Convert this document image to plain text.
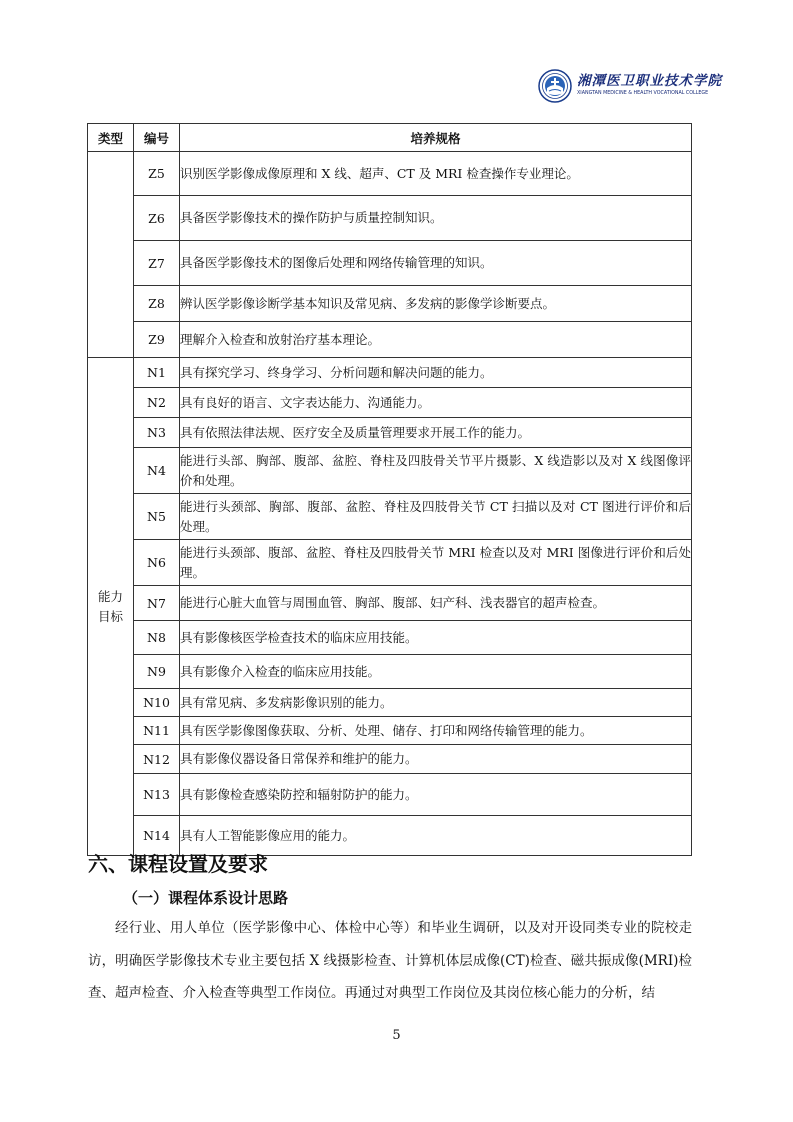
湘潭医卫职业技术学院
XIANGTAN MEDICINE & HEALTH VOCATIONAL COLLEGE
类型	编号	培养规格
	Z5	识别医学影像成像原理和 X 线、超声、CT 及 MRI 检查操作专业理论。
	Z6	具备医学影像技术的操作防护与质量控制知识。
	Z7	具备医学影像技术的图像后处理和网络传输管理的知识。
	Z8	辨认医学影像诊断学基本知识及常见病、多发病的影像学诊断要点。
	Z9	理解介入检查和放射治疗基本理论。
能力目标	N1	具有探究学习、终身学习、分析问题和解决问题的能力。
	N2	具有良好的语言、文字表达能力、沟通能力。
	N3	具有依照法律法规、医疗安全及质量管理要求开展工作的能力。
	N4	能进行头部、胸部、腹部、盆腔、脊柱及四肢骨关节平片摄影、X 线造影以及对 X 线图像评价和处理。
	N5	能进行头颈部、胸部、腹部、盆腔、脊柱及四肢骨关节 CT 扫描以及对 CT 图进行评价和后处理。
	N6	能进行头颈部、腹部、盆腔、脊柱及四肢骨关节 MRI 检查以及对 MRI 图像进行评价和后处理。
	N7	能进行心脏大血管与周围血管、胸部、腹部、妇产科、浅表器官的超声检查。
	N8	具有影像核医学检查技术的临床应用技能。
	N9	具有影像介入检查的临床应用技能。
	N10	具有常见病、多发病影像识别的能力。
	N11	具有医学影像图像获取、分析、处理、储存、打印和网络传输管理的能力。
	N12	具有影像仪器设备日常保养和维护的能力。
	N13	具有影像检查感染防控和辐射防护的能力。
	N14	具有人工智能影像应用的能力。
六、课程设置及要求
（一）课程体系设计思路

经行业、用人单位（医学影像中心、体检中心等）和毕业生调研，以及对开设同类专业的院校走访，明确医学影像技术专业主要包括 X 线摄影检查、计算机体层成像(CT)检查、磁共振成像(MRI)检查、超声检查、介入检查等典型工作岗位。再通过对典型工作岗位及其岗位核心能力的分析，结

5
